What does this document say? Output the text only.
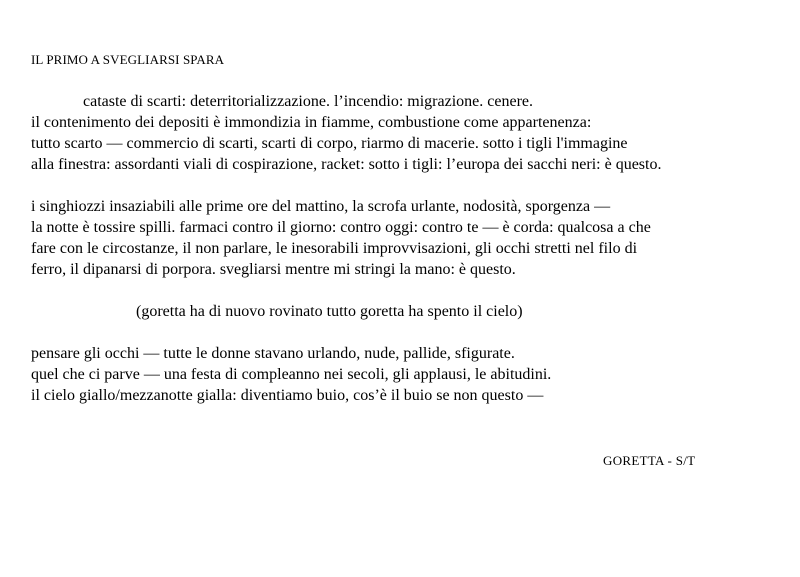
IL PRIMO A SVEGLIARSI SPARA
cataste di scarti: deterritorializzazione. l’incendio: migrazione. cenere.
il contenimento dei depositi è immondizia in fiamme, combustione come appartenenza:
tutto scarto — commercio di scarti, scarti di corpo, riarmo di macerie. sotto i tigli l'immagine
alla finestra: assordanti viali di cospirazione, racket: sotto i tigli: l’europa dei sacchi neri: è questo.
i singhiozzi insaziabili alle prime ore del mattino, la scrofa urlante, nodosità, sporgenza —
la notte è tossire spilli. farmaci contro il giorno: contro oggi: contro te — è corda: qualcosa a che
fare con le circostanze, il non parlare, le inesorabili improvvisazioni, gli occhi stretti nel filo di
ferro, il dipanarsi di porpora. svegliarsi mentre mi stringi la mano: è questo.
(goretta ha di nuovo rovinato tutto goretta ha spento il cielo)
pensare gli occhi — tutte le donne stavano urlando, nude, pallide, sfigurate.
quel che ci parve — una festa di compleanno nei secoli, gli applausi, le abitudini.
il cielo giallo/mezzanotte gialla: diventiamo buio, cos’è il buio se non questo —
GORETTA - S/T
